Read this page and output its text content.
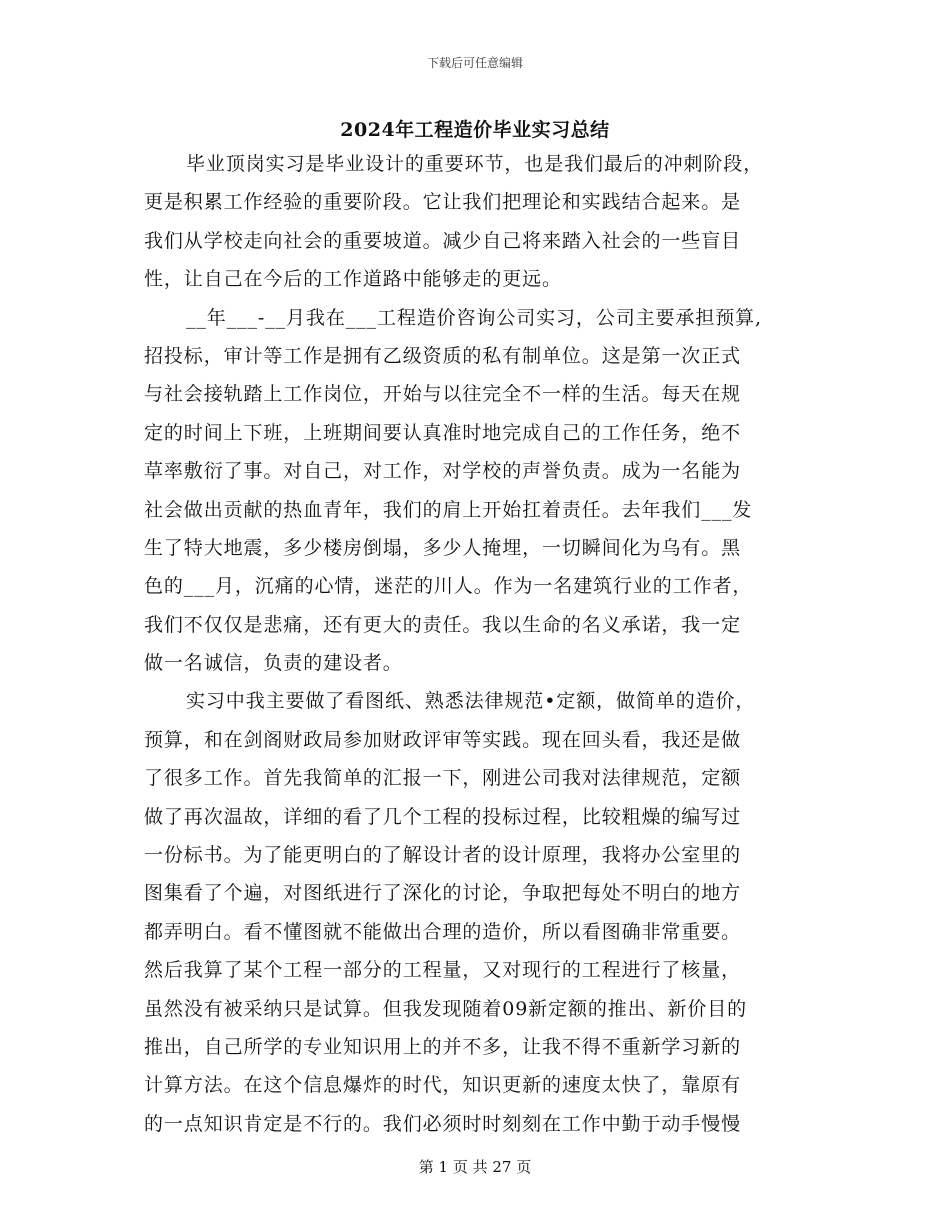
下载后可任意编辑
2024年工程造价毕业实习总结
毕业顶岗实习是毕业设计的重要环节，也是我们最后的冲刺阶段，
更是积累工作经验的重要阶段。它让我们把理论和实践结合起来。是
我们从学校走向社会的重要坡道。减少自己将来踏入社会的一些盲目
性，让自己在今后的工作道路中能够走的更远。
__年___-__月我在___工程造价咨询公司实习，公司主要承担预算,
招投标，审计等工作是拥有乙级资质的私有制单位。这是第一次正式
与社会接轨踏上工作岗位，开始与以往完全不一样的生活。每天在规
定的时间上下班，上班期间要认真准时地完成自己的工作任务，绝不
草率敷衍了事。对自己，对工作，对学校的声誉负责。成为一名能为
社会做出贡献的热血青年，我们的肩上开始扛着责任。去年我们___发
生了特大地震，多少楼房倒塌，多少人掩埋，一切瞬间化为乌有。黑
色的___月，沉痛的心情，迷茫的川人。作为一名建筑行业的工作者，
我们不仅仅是悲痛，还有更大的责任。我以生命的名义承诺，我一定
做一名诚信，负责的建设者。
实习中我主要做了看图纸、熟悉法律规范•定额，做简单的造价，
预算，和在剑阁财政局参加财政评审等实践。现在回头看，我还是做
了很多工作。首先我简单的汇报一下，刚进公司我对法律规范，定额
做了再次温故，详细的看了几个工程的投标过程，比较粗燥的编写过
一份标书。为了能更明白的了解设计者的设计原理，我将办公室里的
图集看了个遍，对图纸进行了深化的讨论，争取把每处不明白的地方
都弄明白。看不懂图就不能做出合理的造价，所以看图确非常重要。
然后我算了某个工程一部分的工程量，又对现行的工程进行了核量，
虽然没有被采纳只是试算。但我发现随着09新定额的推出、新价目的
推出，自己所学的专业知识用上的并不多，让我不得不重新学习新的
计算方法。在这个信息爆炸的时代，知识更新的速度太快了，靠原有
的一点知识肯定是不行的。我们必须时时刻刻在工作中勤于动手慢慢
第 1 页 共 27 页
